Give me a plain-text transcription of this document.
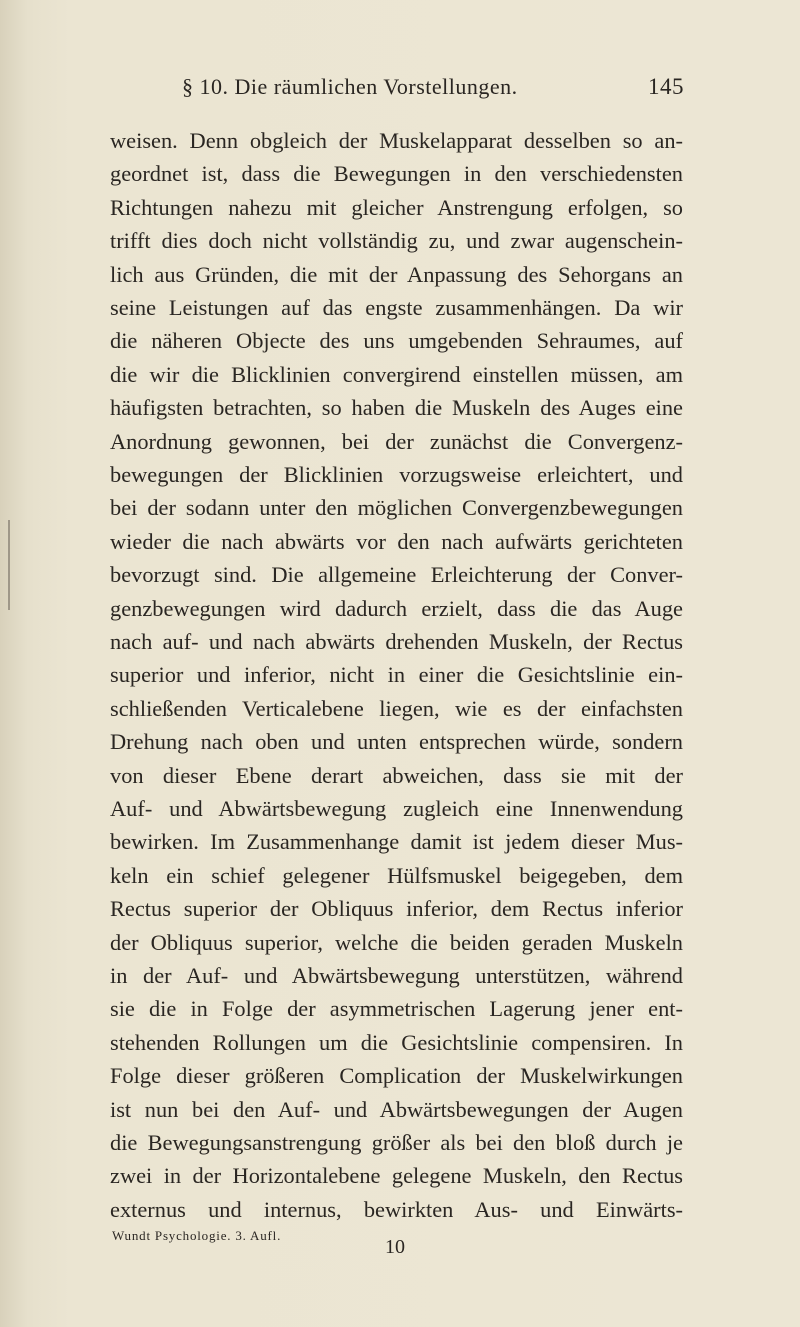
§ 10. Die räumlichen Vorstellungen.	145
weisen. Denn obgleich der Muskelapparat desselben so an-
geordnet ist, dass die Bewegungen in den verschiedensten
Richtungen nahezu mit gleicher Anstrengung erfolgen, so
trifft dies doch nicht vollständig zu, und zwar augenschein-
lich aus Gründen, die mit der Anpassung des Sehorgans an
seine Leistungen auf das engste zusammenhängen. Da wir
die näheren Objecte des uns umgebenden Sehraumes, auf
die wir die Blicklinien convergirend einstellen müssen, am
häufigsten betrachten, so haben die Muskeln des Auges eine
Anordnung gewonnen, bei der zunächst die Convergenz-
bewegungen der Blicklinien vorzugsweise erleichtert, und
bei der sodann unter den möglichen Convergenzbewegungen
wieder die nach abwärts vor den nach aufwärts gerichteten
bevorzugt sind. Die allgemeine Erleichterung der Conver-
genzbewegungen wird dadurch erzielt, dass die das Auge
nach auf- und nach abwärts drehenden Muskeln, der Rectus
superior und inferior, nicht in einer die Gesichtslinie ein-
schließenden Verticalebene liegen, wie es der einfachsten
Drehung nach oben und unten entsprechen würde, sondern
von dieser Ebene derart abweichen, dass sie mit der
Auf- und Abwärtsbewegung zugleich eine Innenwendung
bewirken. Im Zusammenhange damit ist jedem dieser Mus-
keln ein schief gelegener Hülfsmuskel beigegeben, dem
Rectus superior der Obliquus inferior, dem Rectus inferior
der Obliquus superior, welche die beiden geraden Muskeln
in der Auf- und Abwärtsbewegung unterstützen, während
sie die in Folge der asymmetrischen Lagerung jener ent-
stehenden Rollungen um die Gesichtslinie compensiren. In
Folge dieser größeren Complication der Muskelwirkungen
ist nun bei den Auf- und Abwärtsbewegungen der Augen
die Bewegungsanstrengung größer als bei den bloß durch je
zwei in der Horizontalebene gelegene Muskeln, den Rectus
externus und internus, bewirkten Aus- und Einwärts-
Wundt Psychologie. 3. Aufl.
10
